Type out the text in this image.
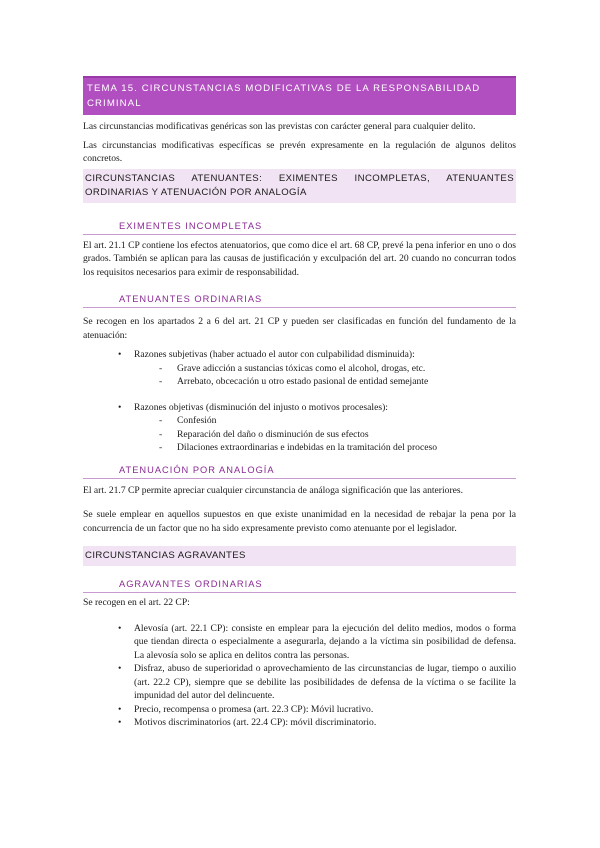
TEMA 15. CIRCUNSTANCIAS MODIFICATIVAS DE LA RESPONSABILIDAD CRIMINAL

Las circunstancias modificativas genéricas son las previstas con carácter general para cualquier delito.

Las circunstancias modificativas específicas se prevén expresamente en la regulación de algunos delitos concretos.

CIRCUNSTANCIAS ATENUANTES: EXIMENTES INCOMPLETAS, ATENUANTES ORDINARIAS Y ATENUACIÓN POR ANALOGÍA
EXIMENTES INCOMPLETAS

El art. 21.1 CP contiene los efectos atenuatorios, que como dice el art. 68 CP, prevé la pena inferior en uno o dos grados. También se aplican para las causas de justificación y exculpación del art. 20 cuando no concurran todos los requisitos necesarios para eximir de responsabilidad.

ATENUANTES ORDINARIAS

Se recogen en los apartados 2 a 6 del art. 21 CP y pueden ser clasificadas en función del fundamento de la atenuación:

• Razones subjetivas (haber actuado el autor con culpabilidad disminuida):
- Grave adicción a sustancias tóxicas como el alcohol, drogas, etc.
- Arrebato, obcecación u otro estado pasional de entidad semejante
• Razones objetivas (disminución del injusto o motivos procesales):
- Confesión
- Reparación del daño o disminución de sus efectos
- Dilaciones extraordinarias e indebidas en la tramitación del proceso
ATENUACIÓN POR ANALOGÍA

El art. 21.7 CP permite apreciar cualquier circunstancia de análoga significación que las anteriores.

Se suele emplear en aquellos supuestos en que existe unanimidad en la necesidad de rebajar la pena por la concurrencia de un factor que no ha sido expresamente previsto como atenuante por el legislador.

CIRCUNSTANCIAS AGRAVANTES
AGRAVANTES ORDINARIAS

Se recogen en el art. 22 CP:

• Alevosía (art. 22.1 CP): consiste en emplear para la ejecución del delito medios, modos o forma que tiendan directa o especialmente a asegurarla, dejando a la víctima sin posibilidad de defensa. La alevosía solo se aplica en delitos contra las personas.
• Disfraz, abuso de superioridad o aprovechamiento de las circunstancias de lugar, tiempo o auxilio (art. 22.2 CP), siempre que se debilite las posibilidades de defensa de la víctima o se facilite la impunidad del autor del delincuente.
• Precio, recompensa o promesa (art. 22.3 CP): Móvil lucrativo.
• Motivos discriminatorios (art. 22.4 CP): móvil discriminatorio.
